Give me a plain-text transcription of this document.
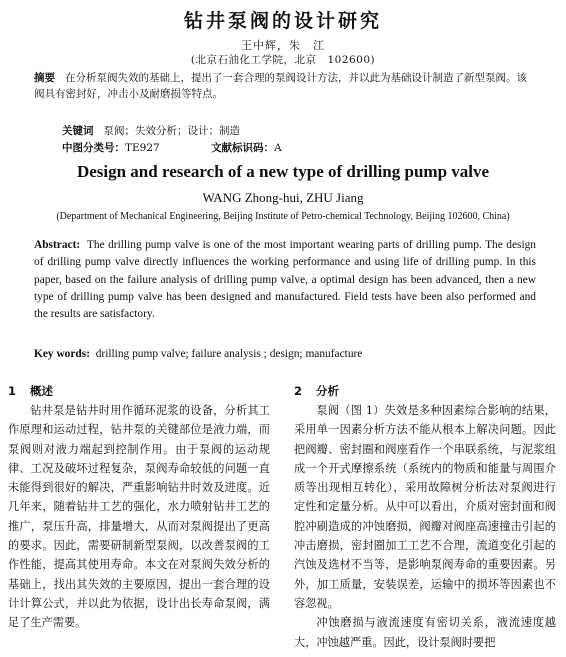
钻井泵阀的设计研究
王中辉，朱　江
(北京石油化工学院，北京　102600)
摘要 在分析泵阀失效的基础上，提出了一套合理的泵阀设计方法，并以此为基础设计制造了新型泵阀。该阀具有密封好，冲击小及耐磨损等特点。
关键词 泵阀；失效分析；设计；制造
中图分类号：TE927	文献标识码：A
Design and research of a new type of drilling pump valve
WANG Zhong-hui, ZHU Jiang
(Department of Mechanical Engineering, Beijing Institute of Petro-chemical Technology, Beijing 102600, China)
Abstract: The drilling pump valve is one of the most important wearing parts of drilling pump. The design of drilling pump valve directly influences the working performance and using life of drilling pump. In this paper, based on the failure analysis of drilling pump valve, a optimal design has been advanced, then a new type of drilling pump valve has been designed and manufactured. Field tests have been also performed and the results are satisfactory.
Key words: drilling pump valve; failure analysis ; design; manufacture
1 概述

钻井泵是钻井时用作循环泥浆的设备，分析其工作原理和运动过程，钻井泵的关键部位是液力端，而泵阀则对液力端起到控制作用。由于泵阀的运动规律、工况及破坏过程复杂，泵阀寿命较低的问题一直未能得到很好的解决，严重影响钻井时效及进度。近几年来，随着钻井工艺的强化，水力喷射钻井工艺的推广，泵压升高，排量增大，从而对泵阀提出了更高的要求。因此，需要研制新型泵阀，以改善泵阀的工作性能，提高其使用寿命。本文在对泵阀失效分析的基础上，找出其失效的主要原因，提出一套合理的设计计算公式，并以此为依据，设计出长寿命泵阀，满足了生产需要。

2 分析

泵阀（图 1）失效是多种因素综合影响的结果，采用单一因素分析方法不能从根本上解决问题。因此把阀瓣、密封圈和阀座看作一个串联系统，与泥浆组成一个开式摩擦系统（系统内的物质和能量与周围介质等出现相互转化），采用故障树分析法对泵阀进行定性和定量分析。从中可以看出，介质对密封面和阀腔冲刷造成的冲蚀磨损，阀瓣对阀座高速撞击引起的冲击磨损，密封圈加工工艺不合理，流道变化引起的汽蚀及选材不当等，是影响泵阀寿命的重要因素。另外，加工质量，安装误差，运输中的损坏等因素也不容忽视。

冲蚀磨损与液流速度有密切关系，液流速度越大，冲蚀越严重。因此，设计泵阀时要把
